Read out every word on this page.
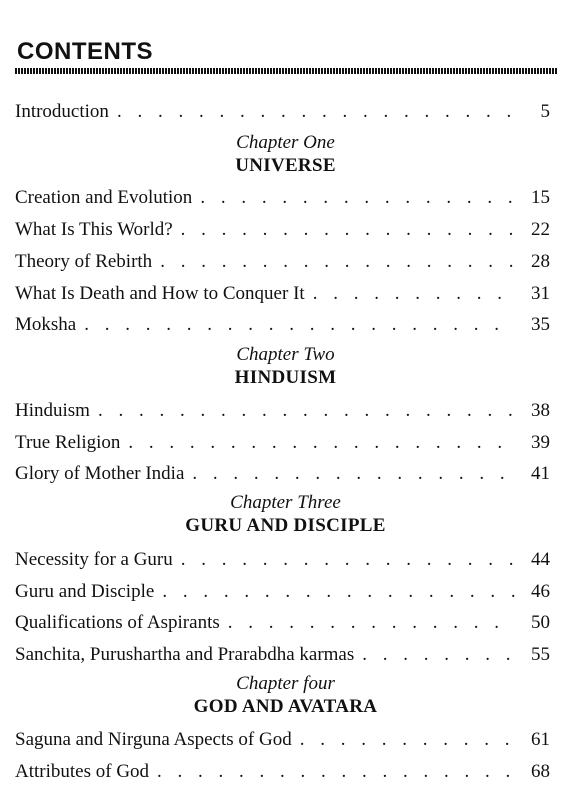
CONTENTS
Introduction . . .	5
Chapter One
UNIVERSE
Creation and Evolution . . .	15
What Is This World? . . .	22
Theory of Rebirth . . .	28
What Is Death and How to Conquer It . . .	31
Moksha . . .	35
Chapter Two
HINDUISM
Hinduism . . .	38
True Religion . . .	39
Glory of Mother India . . .	41
Chapter Three
GURU AND DISCIPLE
Necessity for a Guru . . .	44
Guru and Disciple . . .	46
Qualifications of Aspirants . . .	50
Sanchita, Purushartha and Prarabdha karmas . . .	55
Chapter four
GOD AND AVATARA
Saguna and Nirguna Aspects of God . . .	61
Attributes of God . . .	68
